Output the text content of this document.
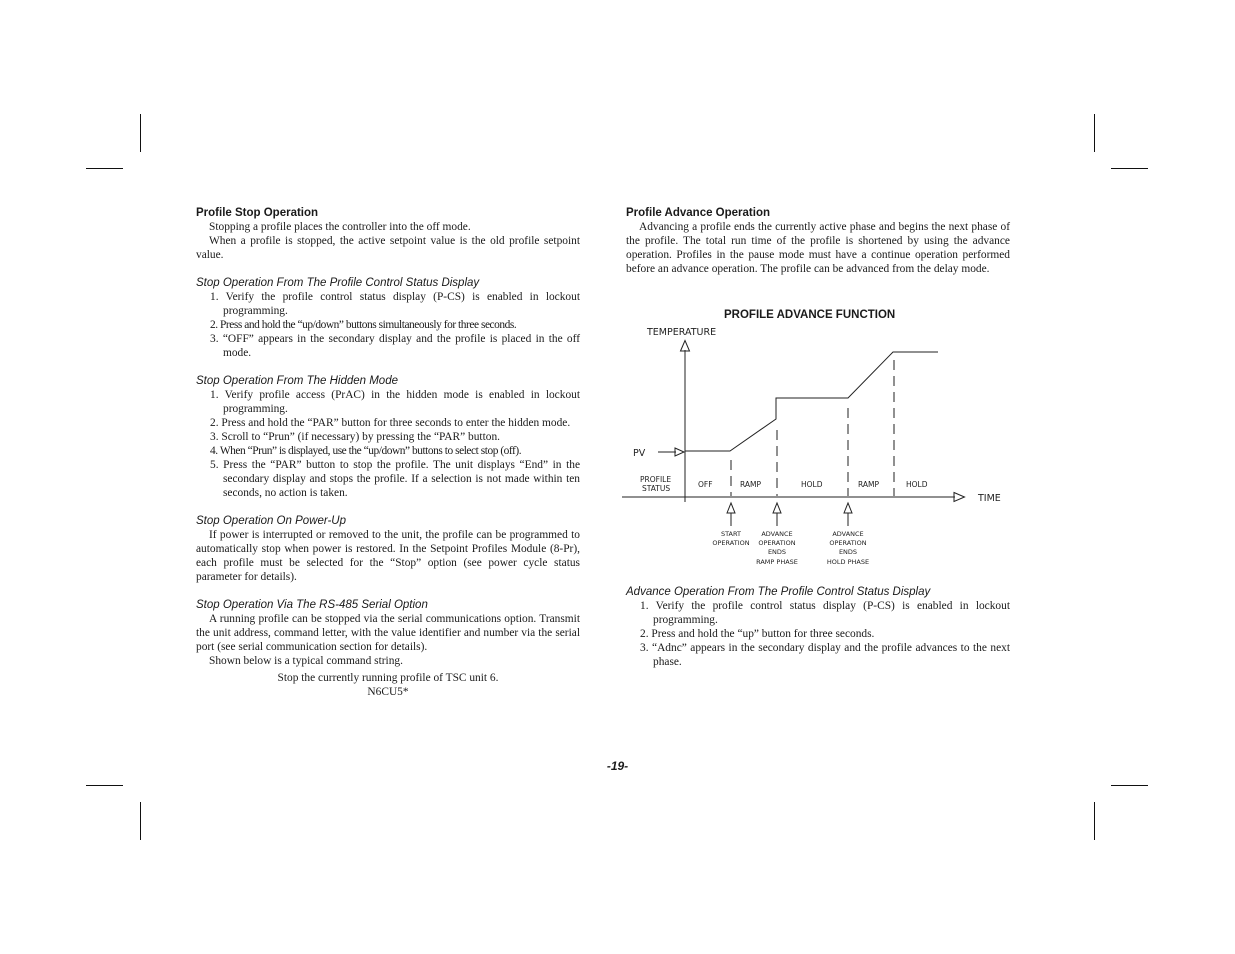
Profile Stop Operation

Stopping a profile places the controller into the off mode.

When a profile is stopped, the active setpoint value is the old profile setpoint value.

Stop Operation From The Profile Control Status Display

1. Verify the profile control status display (P-CS) is enabled in lockout programming.
2. Press and hold the “up/down” buttons simultaneously for three seconds.
3. “OFF” appears in the secondary display and the profile is placed in the off mode.

Stop Operation From The Hidden Mode

1. Verify profile access (PrAC) in the hidden mode is enabled in lockout programming.
2. Press and hold the “PAR” button for three seconds to enter the hidden mode.
3. Scroll to “Prun” (if necessary) by pressing the “PAR” button.
4. When “Prun” is displayed, use the “up/down” buttons to select stop (off).
5. Press the “PAR” button to stop the profile. The unit displays “End” in the secondary display and stops the profile. If a selection is not made within ten seconds, no action is taken.

Stop Operation On Power-Up

If power is interrupted or removed to the unit, the profile can be programmed to automatically stop when power is restored. In the Setpoint Profiles Module (8-Pr), each profile must be selected for the “Stop” option (see power cycle status parameter for details).

Stop Operation Via The RS-485 Serial Option

A running profile can be stopped via the serial communications option. Transmit the unit address, command letter, with the value identifier and number via the serial port (see serial communication section for details).

Shown below is a typical command string.

Stop the currently running profile of TSC unit 6.

N6CU5*

Profile Advance Operation

Advancing a profile ends the currently active phase and begins the next phase of the profile. The total run time of the profile is shortened by using the advance operation. Profiles in the pause mode must have a continue operation performed before an advance operation. The profile can be advanced from the delay mode.

PROFILE ADVANCE FUNCTION
TEMPERATURE
TIME
PV
PROFILE
STATUS	OFF	RAMP	HOLD	RAMP	HOLD
START
OPERATION
ADVANCE
OPERATION
ENDS
RAMP PHASE
ADVANCE
OPERATION
ENDS
HOLD PHASE

Advance Operation From The Profile Control Status Display

1. Verify the profile control status display (P-CS) is enabled in lockout programming.
2. Press and hold the “up” button for three seconds.
3. “Adnc” appears in the secondary display and the profile advances to the next phase.
-19-
